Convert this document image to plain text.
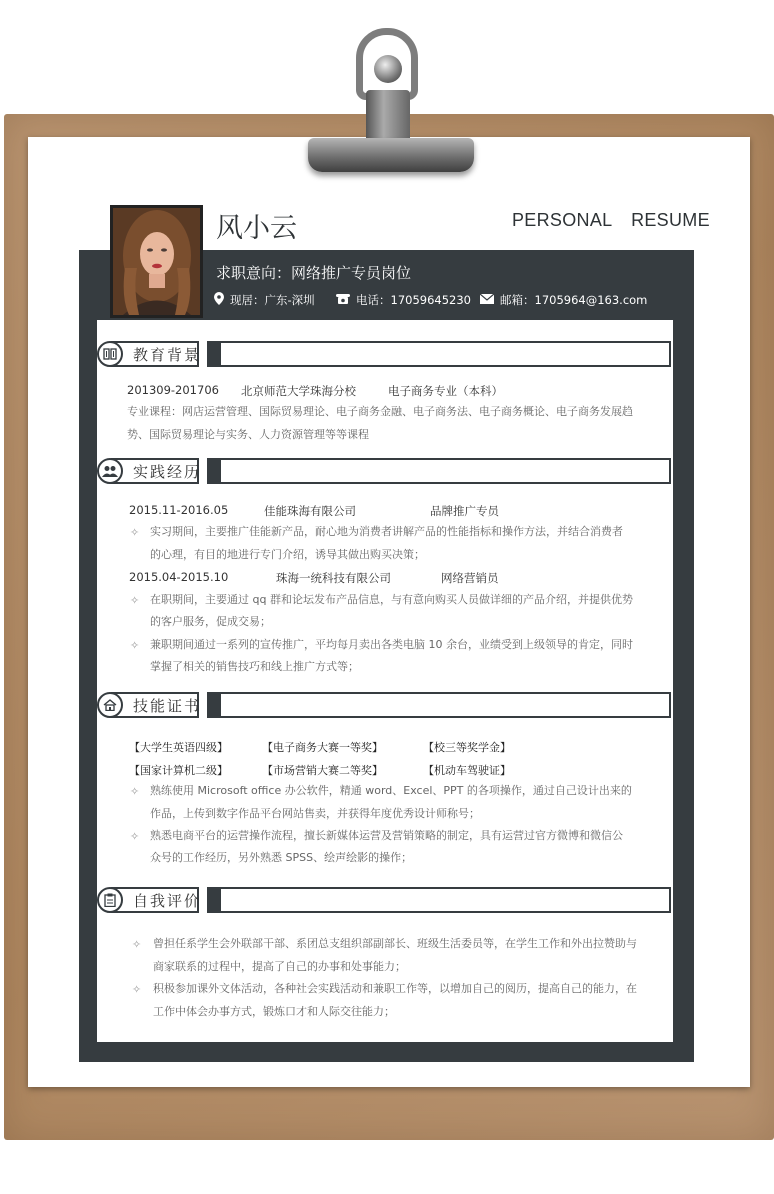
风小云	PERSONAL RESUME
求职意向：网络推广专员岗位
现居：广东-深圳	电话：17059645230	邮箱：1705964@163.com
教育背景
201309-201706 北京师范大学珠海分校	电子商务专业（本科）
专业课程：网店运营管理、国际贸易理论、电子商务金融、电子商务法、电子商务概论、电子商务发展趋
势、国际贸易理论与实务、人力资源管理等等课程
实践经历
2015.11-2016.05	佳能珠海有限公司	品牌推广专员
✧ 实习期间，主要推广佳能新产品，耐心地为消费者讲解产品的性能指标和操作方法，并结合消费者
的心理，有目的地进行专门介绍，诱导其做出购买决策；
2015.04-2015.10	珠海一统科技有限公司	网络营销员
✧ 在职期间，主要通过 qq 群和论坛发布产品信息，与有意向购买人员做详细的产品介绍，并提供优势
的客户服务，促成交易；
✧ 兼职期间通过一系列的宣传推广，平均每月卖出各类电脑 10 余台，业绩受到上级领导的肯定，同时
掌握了相关的销售技巧和线上推广方式等；
技能证书
【大学生英语四级】	【电子商务大赛一等奖】	【校三等奖学金】
【国家计算机二级】	【市场营销大赛二等奖】	【机动车驾驶证】
✧ 熟练使用 Microsoft office 办公软件，精通 word、Excel、PPT 的各项操作，通过自己设计出来的
作品，上传到数字作品平台网站售卖，并获得年度优秀设计师称号；
✧ 熟悉电商平台的运营操作流程，擅长新媒体运营及营销策略的制定，具有运营过官方微博和微信公
众号的工作经历，另外熟悉 SPSS、绘声绘影的操作；
自我评价
✧ 曾担任系学生会外联部干部、系团总支组织部副部长、班级生活委员等，在学生工作和外出拉赞助与
商家联系的过程中，提高了自己的办事和处事能力；
✧ 积极参加课外文体活动，各种社会实践活动和兼职工作等，以增加自己的阅历，提高自己的能力，在
工作中体会办事方式，锻炼口才和人际交往能力；
